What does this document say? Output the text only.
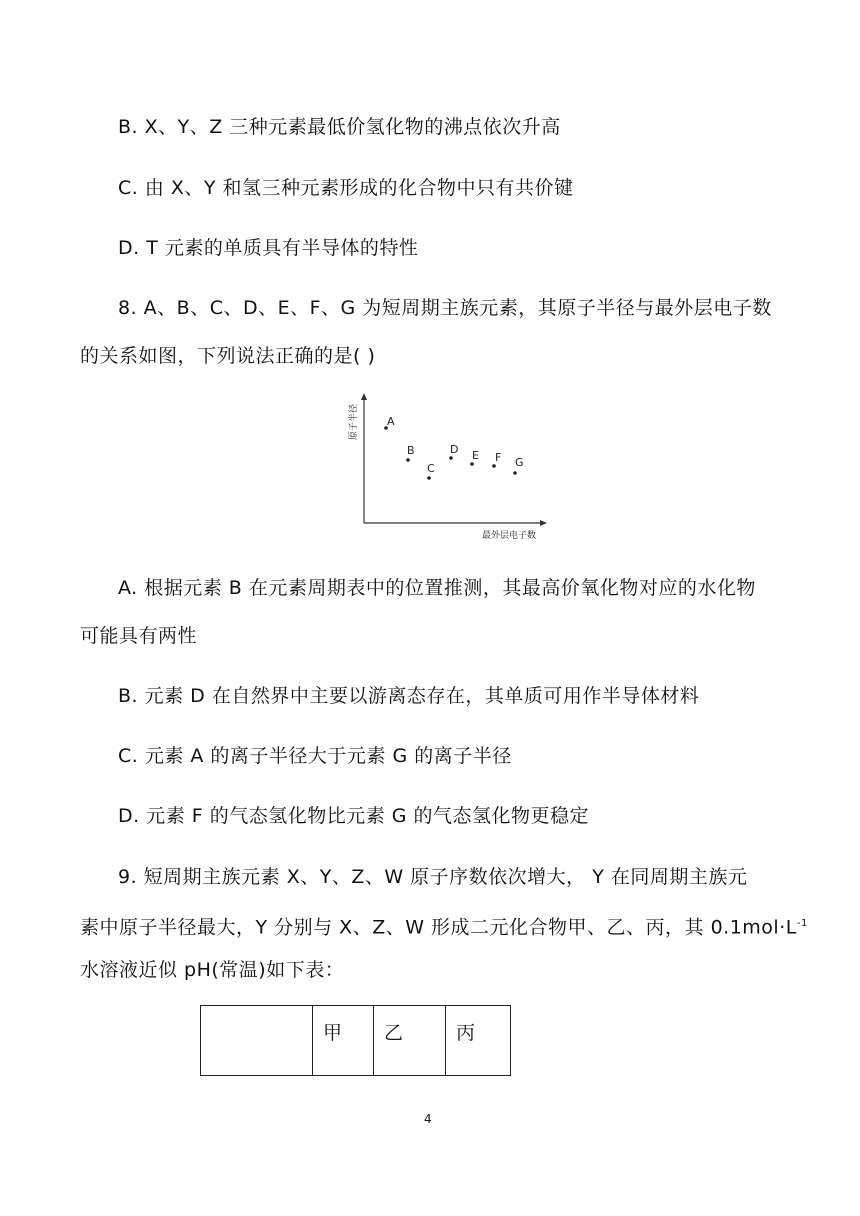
B. X、Y、Z 三种元素最低价氢化物的沸点依次升高
C. 由 X、Y 和氢三种元素形成的化合物中只有共价键
D. T 元素的单质具有半导体的特性
8. A、B、C、D、E、F、G 为短周期主族元素，其原子半径与最外层电子数
的关系如图，下列说法正确的是( )
原子半径
最外层电子数
A
B
C
D E F G
A. 根据元素 B 在元素周期表中的位置推测，其最高价氧化物对应的水化物
可能具有两性
B. 元素 D 在自然界中主要以游离态存在，其单质可用作半导体材料
C. 元素 A 的离子半径大于元素 G 的离子半径
D. 元素 F 的气态氢化物比元素 G 的气态氢化物更稳定
9. 短周期主族元素 X、Y、Z、W 原子序数依次增大， Y 在同周期主族元
素中原子半径最大，Y 分别与 X、Z、W 形成二元化合物甲、乙、丙，其 $0.1mol\cdot L^{-1}$
水溶液近似 pH(常温)如下表：
	甲	乙	丙
4
